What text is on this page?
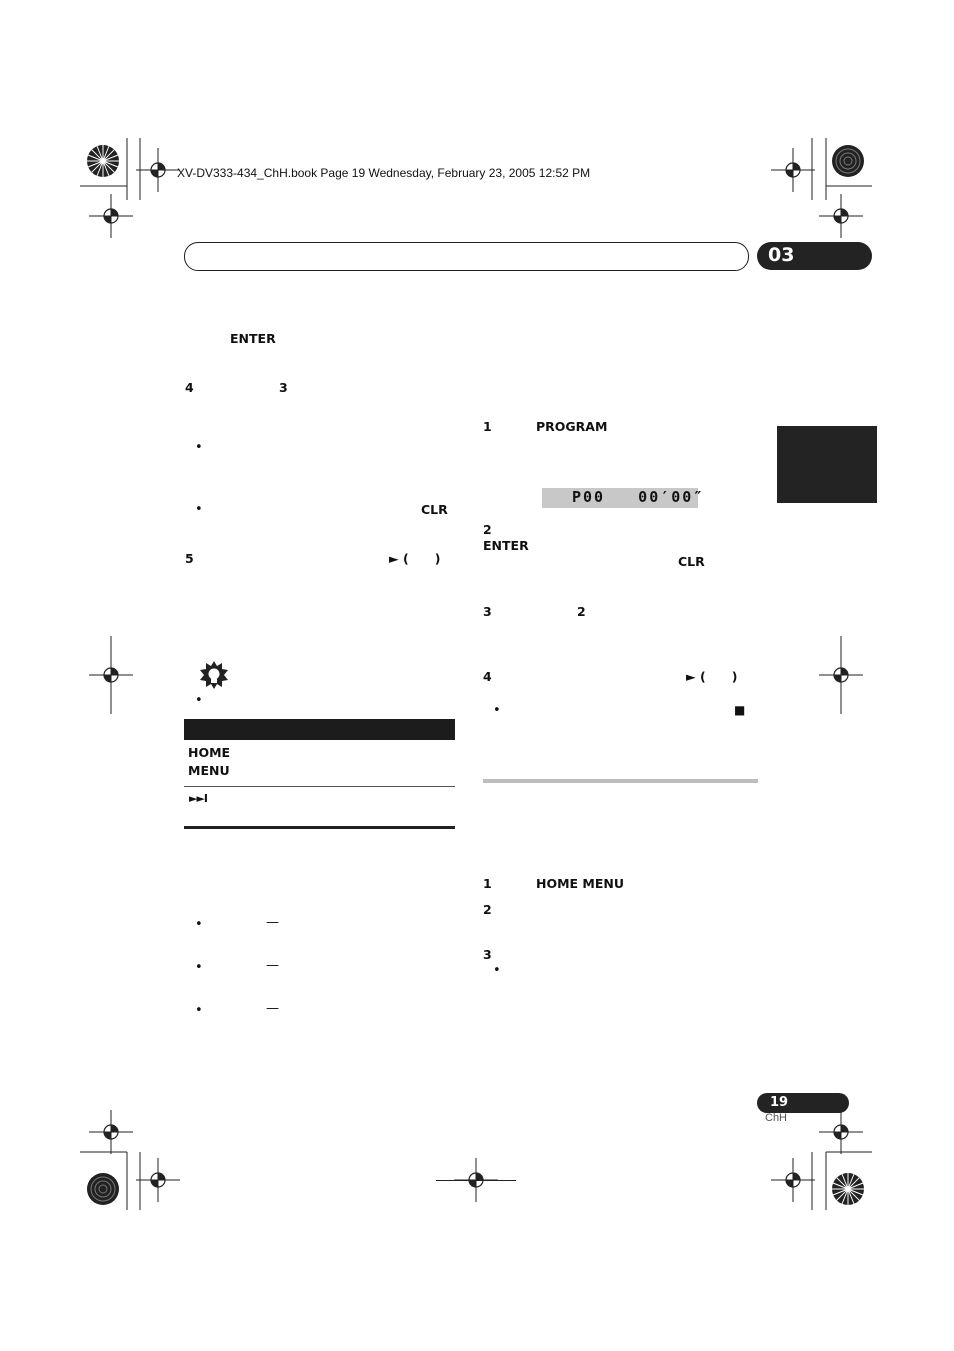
XV-DV333-434_ChH.book Page 19 Wednesday, February 23, 2005 12:52 PM
03
ENTER
4	3
•
•	CLR
5	► (      )
•
HOME
MENU
►►I
•	—
•	—
•	—
1	PROGRAM
P00   00′00″
2
ENTER
CLR
3	2
4	► (      )
•	■
1	HOME MENU
2
3
•
19
ChH
